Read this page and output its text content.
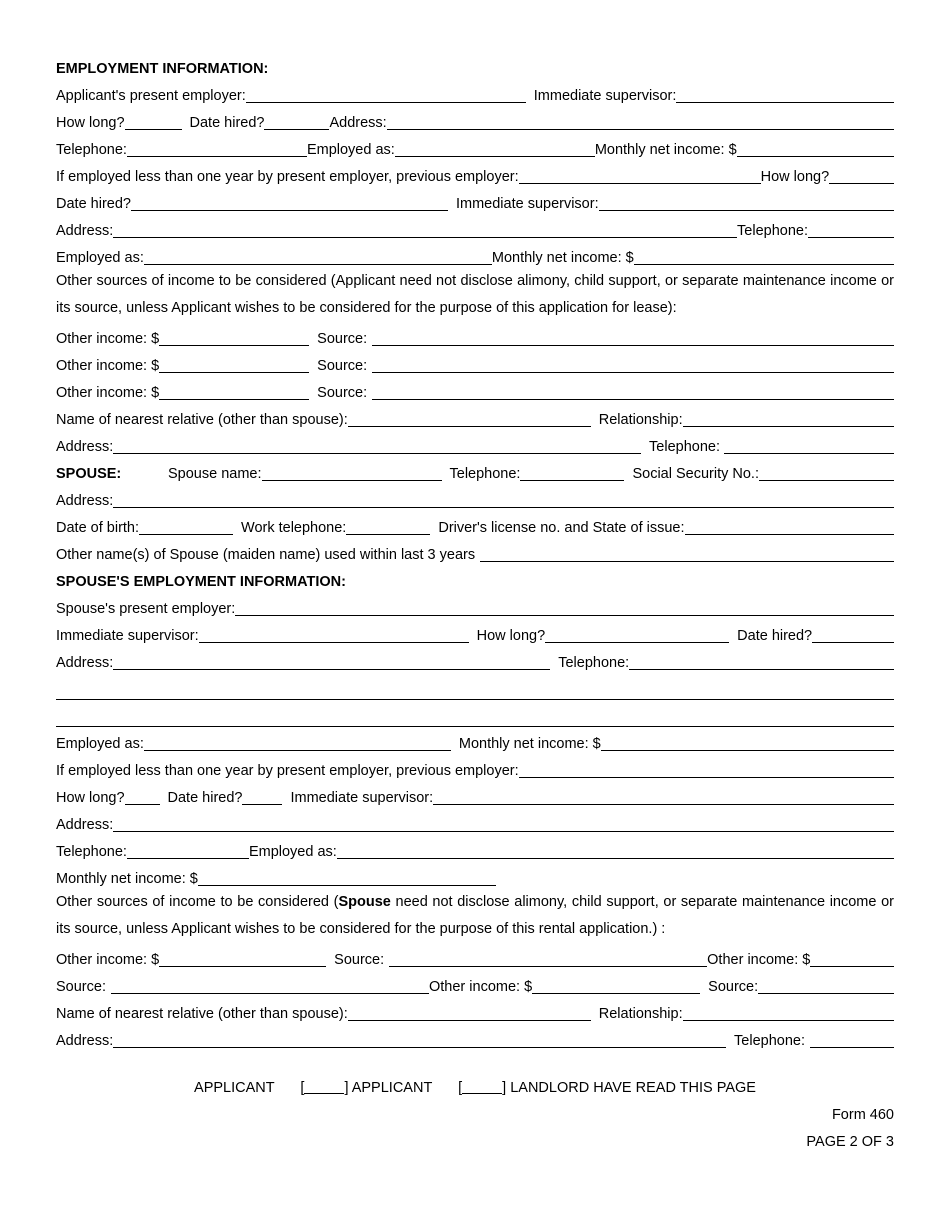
EMPLOYMENT INFORMATION:
Applicant's present employer:	Immediate supervisor:
How long?	Date hired?	Address:
Telephone:	Employed as:	Monthly net income: $
If employed less than one year by present employer, previous employer:	How long?
Date hired?	Immediate supervisor:
Address:	Telephone:
Employed as:	Monthly net income: $
Other sources of income to be considered (Applicant need not disclose alimony, child support, or separate maintenance income or its source, unless Applicant wishes to be considered for the purpose of this application for lease):
Other income: $	Source:
Other income: $	Source:
Other income: $	Source:
Name of nearest relative (other than spouse):	Relationship:
Address:	Telephone:
SPOUSE:	Spouse name:	Telephone:	Social Security No.:
Address:
Date of birth:	Work telephone:	Driver's license no. and State of issue:
Other name(s) of Spouse (maiden name) used within last 3 years
SPOUSE'S EMPLOYMENT INFORMATION:
Spouse's present employer:
Immediate supervisor:	How long?	Date hired?
Address:	Telephone:
Employed as:	Monthly net income: $
If employed less than one year by present employer, previous employer:
How long?	Date hired?	Immediate supervisor:
Address:
Telephone:	Employed as:
Monthly net income: $
Other sources of income to be considered (Spouse need not disclose alimony, child support, or separate maintenance income or its source, unless Applicant wishes to be considered for the purpose of this rental application.) :
Other income: $	Source:	Other income: $
Source:	Other income: $	Source:
Name of nearest relative (other than spouse):	Relationship:
Address:	Telephone:
APPLICANT [	] APPLICANT [	] LANDLORD HAVE READ THIS PAGE
Form 460
PAGE 2 OF 3
